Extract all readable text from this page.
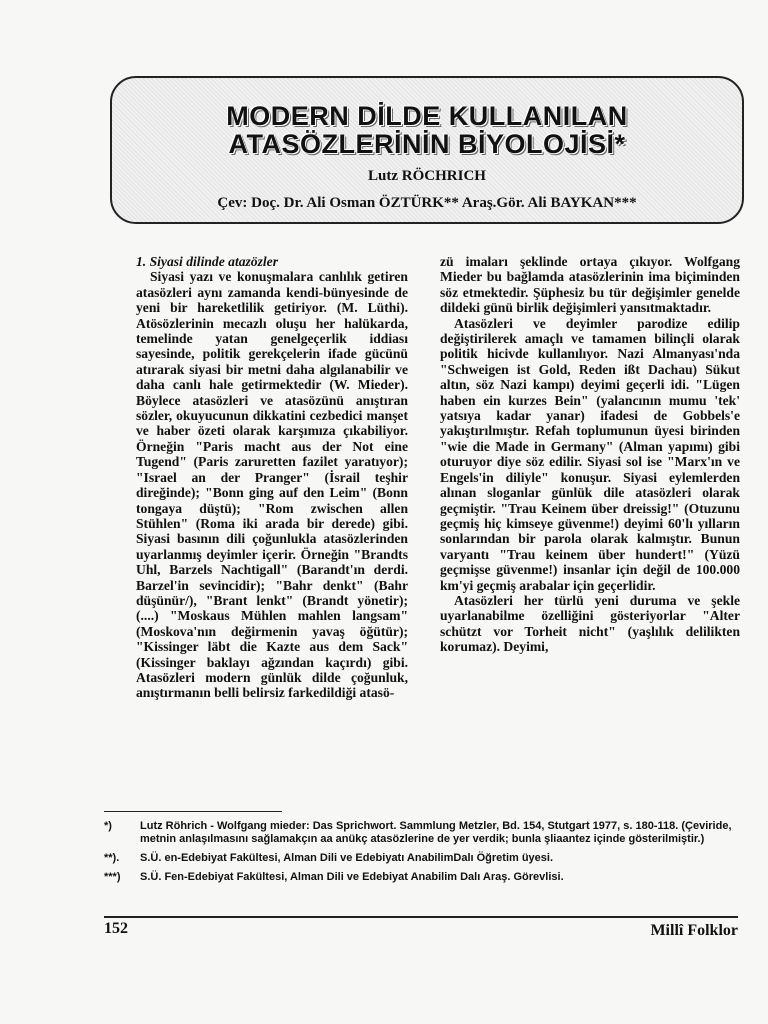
MODERN DİLDE KULLANILAN
ATASÖZLERİNİN BİYOLOJİSİ*
Lutz RÖCHRICH
Çev: Doç. Dr. Ali Osman ÖZTÜRK** Araş.Gör. Ali BAYKAN***

1. Siyasi dilinde atazözler

Siyasi yazı ve konuşmalara canlılık getiren atasözleri aynı zamanda kendi-bünyesinde de yeni bir hareketlilik getiriyor. (M. Lüthi). Atösözlerinin mecazlı oluşu her halükarda, temelinde yatan genelgeçerlik iddiası sayesinde, politik gerekçelerin ifade gücünü atırarak siyasi bir metni daha algılanabilir ve daha canlı hale getirmektedir (W. Mieder). Böylece atasözleri ve atasözünü anıştıran sözler, okuyucunun dikkatini cezbedici manşet ve haber özeti olarak karşımıza çıkabiliyor. Örneğin "Paris macht aus der Not eine Tugend" (Paris zaruretten fazilet yaratıyor); "Israel an der Pranger" (İsrail teşhir direğinde); "Bonn ging auf den Leim" (Bonn tongaya düştü); "Rom zwischen allen Stühlen" (Roma iki arada bir derede) gibi. Siyasi basının dili çoğunlukla atasözlerinden uyarlanmış deyimler içerir. Örneğin "Brandts Uhl, Barzels Nachtigall" (Barandt'ın derdi. Barzel'in sevincidir); "Bahr denkt" (Bahr düşünür/), "Brant lenkt" (Brandt yönetir); (....) "Moskaus Mühlen mahlen langsam" (Moskova'nın değirmenin yavaş öğütür); "Kissinger läbt die Kazte aus dem Sack" (Kissinger baklayı ağzından kaçırdı) gibi. Atasözleri modern günlük dilde çoğunluk, anıştırmanın belli belirsiz farkedildiği atasö-

zü imaları şeklinde ortaya çıkıyor. Wolfgang Mieder bu bağlamda atasözlerinin ima biçiminden söz etmektedir. Şüphesiz bu tür değişimler genelde dildeki günü birlik değişimleri yansıtmaktadır.

Atasözleri ve deyimler parodize edilip değiştirilerek amaçlı ve tamamen bilinçli olarak politik hicivde kullanılıyor. Nazi Almanyası'nda "Schweigen ist Gold, Reden ißt Dachau) Sükut altın, söz Nazi kampı) deyimi geçerli idi. "Lügen haben ein kurzes Bein" (yalancının mumu 'tek' yatsıya kadar yanar) ifadesi de Gobbels'e yakıştırılmıştır. Refah toplumunun üyesi birinden "wie die Made in Germany" (Alman yapımı) gibi oturuyor diye söz edilir. Siyasi sol ise "Marx'ın ve Engels'in diliyle" konuşur. Siyasi eylemlerden alınan sloganlar günlük dile atasözleri olarak geçmiştir. "Trau Keinem über dreissig!" (Otuzunu geçmiş hiç kimseye güvenme!) deyimi 60'lı yılların sonlarından bir parola olarak kalmıştır. Bunun varyantı "Trau keinem über hundert!" (Yüzü geçmişse güvenme!) insanlar için değil de 100.000 km'yi geçmiş arabalar için geçerlidir.

Atasözleri her türlü yeni duruma ve şekle uyarlanabilme özelliğini gösteriyorlar "Alter schützt vor Torheit nicht" (yaşlılık delilikten korumaz). Deyimi,

*)	Lutz Röhrich - Wolfgang mieder: Das Sprichwort. Sammlung Metzler, Bd. 154, Stutgart 1977, s. 180-118. (Çeviride, metnin anlaşılmasını sağlamakçın aa anükç atasözlerine de yer verdik; bunla şliaantez içinde gösterilmiştir.)
**).	S.Ü. en-Edebiyat Fakültesi, Alman Dili ve Edebiyatı AnabilimDalı Öğretim üyesi.
***)	S.Ü. Fen-Edebiyat Fakültesi, Alman Dili ve Edebiyat Anabilim Dalı Araş. Görevlisi.
152	Millî Folklor
